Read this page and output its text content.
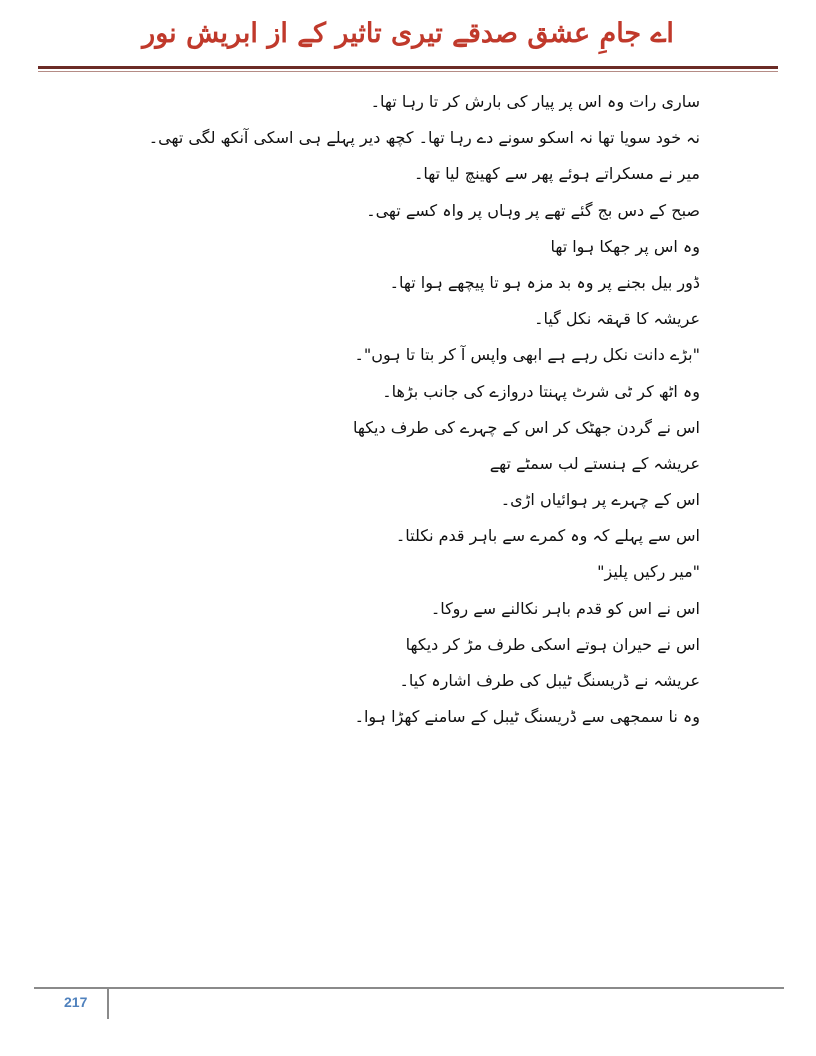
اے جامِ عشق صدقے تیری تاثیر کے از ابریش نور
ساری رات وہ اس پر پیار کی بارش کر تا رہا تھا۔
نہ خود سویا تھا نہ اسکو سونے دے رہا تھا۔ کچھ دیر پہلے ہی اسکی آنکھ لگی تھی۔
میر نے مسکراتے ہوئے پھر سے کھینچ لیا تھا۔
صبح کے دس بج گئے تھے پر وہاں پر واہ کسے تھی۔
وہ اس پر جھکا ہوا تھا
ڈور بیل بجنے پر وہ بد مزہ ہو تا پیچھے ہوا تھا۔
عریشہ کا قہقہ نکل گیا۔
"بڑے دانت نکل رہے ہے ابھی واپس آ کر بتا تا ہوں"۔
وہ اٹھ کر ٹی شرٹ پہنتا دروازے کی جانب بڑھا۔
اس نے گردن جھٹک کر اس کے چہرے کی طرف دیکھا
عریشہ کے ہنستے لب سمٹے تھے
اس کے چہرے پر ہوائیاں اڑی۔
اس سے پہلے کہ وہ کمرے سے باہر قدم نکلتا۔
"میر رکیں پلیز"
اس نے اس کو قدم باہر نکالنے سے روکا۔
اس نے حیران ہوتے اسکی طرف مڑ کر دیکھا
عریشہ نے ڈریسنگ ٹیبل کی طرف اشارہ کیا۔
وہ نا سمجھی سے ڈریسنگ ٹیبل کے سامنے کھڑا ہوا۔
217
